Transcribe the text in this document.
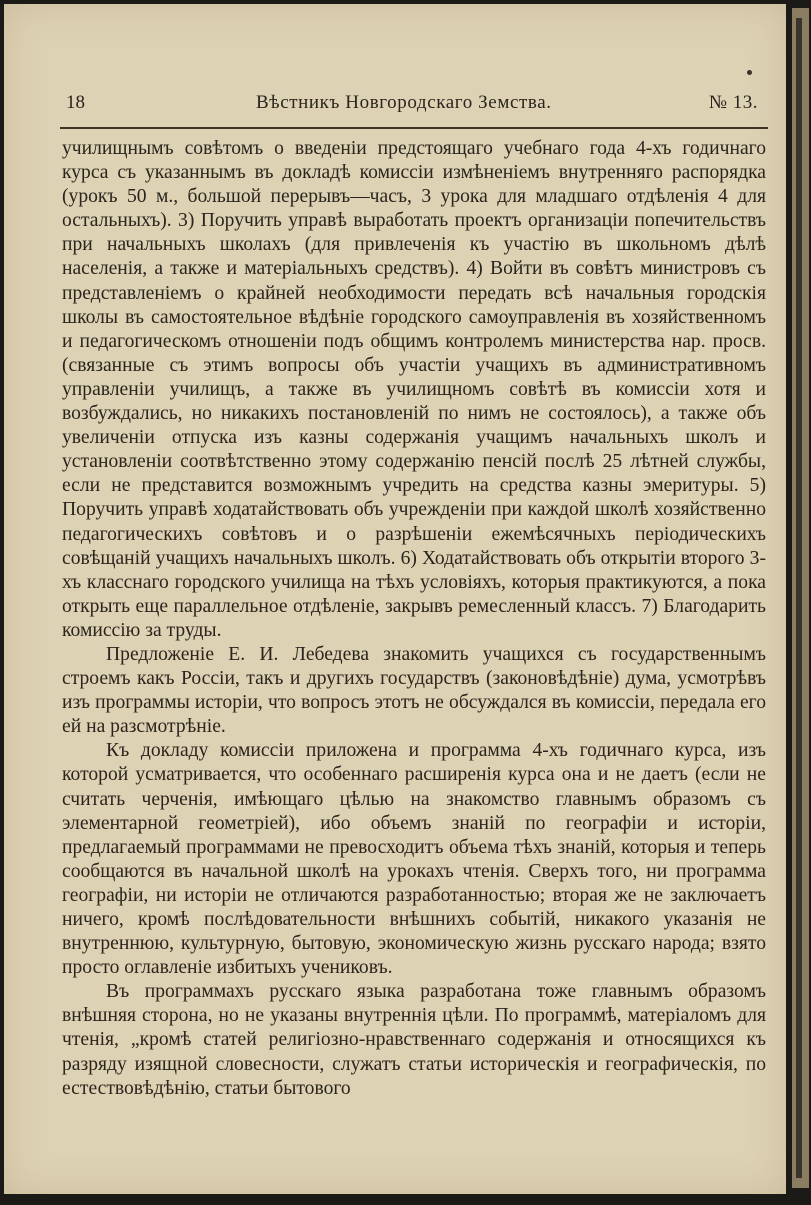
18	Вѣстникъ Новгородскаго Земства.	№ 13.

училищнымъ совѣтомъ о введеніи предстоящаго учебнаго года 4-хъ годичнаго курса съ указаннымъ въ докладѣ комиссіи измѣненіемъ внутренняго распорядка (урокъ 50 м., большой перерывъ—часъ, 3 урока для младшаго отдѣленія 4 для остальныхъ). 3) Поручить управѣ выработать проектъ организаціи попечительствъ при начальныхъ школахъ (для привлеченія къ участію въ школьномъ дѣлѣ населенія, а также и матеріальныхъ средствъ). 4) Войти въ совѣтъ министровъ съ представленіемъ о крайней необходимости передать всѣ начальныя городскія школы въ самостоятельное вѣдѣніе городского самоуправленія въ хозяйственномъ и педагогическомъ отношеніи подъ общимъ контролемъ министерства нар. просв. (связанные съ этимъ вопросы объ участіи учащихъ въ административномъ управленіи училищъ, а также въ училищномъ совѣтѣ въ комиссіи хотя и возбуждались, но никакихъ постановленій по нимъ не состоялось), а также объ увеличеніи отпуска изъ казны содержанія учащимъ начальныхъ школъ и установленіи соотвѣтственно этому содержанію пенсій послѣ 25 лѣтней службы, если не представится возможнымъ учредить на средства казны эмеритуры. 5) Поручить управѣ ходатайствовать объ учрежденіи при каждой школѣ хозяйственно педагогическихъ совѣтовъ и о разрѣшеніи ежемѣсячныхъ періодическихъ совѣщаній учащихъ начальныхъ школъ. 6) Ходатайствовать объ открытіи второго 3-хъ класснаго городского училища на тѣхъ условіяхъ, которыя практикуются, а пока открыть еще параллельное отдѣленіе, закрывъ ремесленный классъ. 7) Благодарить комиссію за труды.

Предложеніе Е. И. Лебедева знакомить учащихся съ государственнымъ строемъ какъ Россіи, такъ и другихъ государствъ (законовѣдѣніе) дума, усмотрѣвъ изъ программы исторіи, что вопросъ этотъ не обсуждался въ комиссіи, передала его ей на разсмотрѣніе.

Къ докладу комиссіи приложена и программа 4-хъ годичнаго курса, изъ которой усматривается, что особеннаго расширенія курса она и не даетъ (если не считать черченія, имѣющаго цѣлью на знакомство главнымъ образомъ съ элементарной геометріей), ибо объемъ знаній по географіи и исторіи, предлагаемый программами не превосходитъ объема тѣхъ знаній, которыя и теперь сообщаются въ начальной школѣ на урокахъ чтенія. Сверхъ того, ни программа географіи, ни исторіи не отличаются разработанностью; вторая же не заключаетъ ничего, кромѣ послѣдовательности внѣшнихъ событій, никакого указанія не внутреннюю, культурную, бытовую, экономическую жизнь русскаго народа; взято просто оглавленіе избитыхъ учениковъ.

Въ программахъ русскаго языка разработана тоже главнымъ образомъ внѣшняя сторона, но не указаны внутреннія цѣли. По программѣ, матеріаломъ для чтенія, „кромѣ статей религіозно-нравственнаго содержанія и относящихся къ разряду изящной словесности, служатъ статьи историческія и географическія, по естествовѣдѣнію, статьи бытового
